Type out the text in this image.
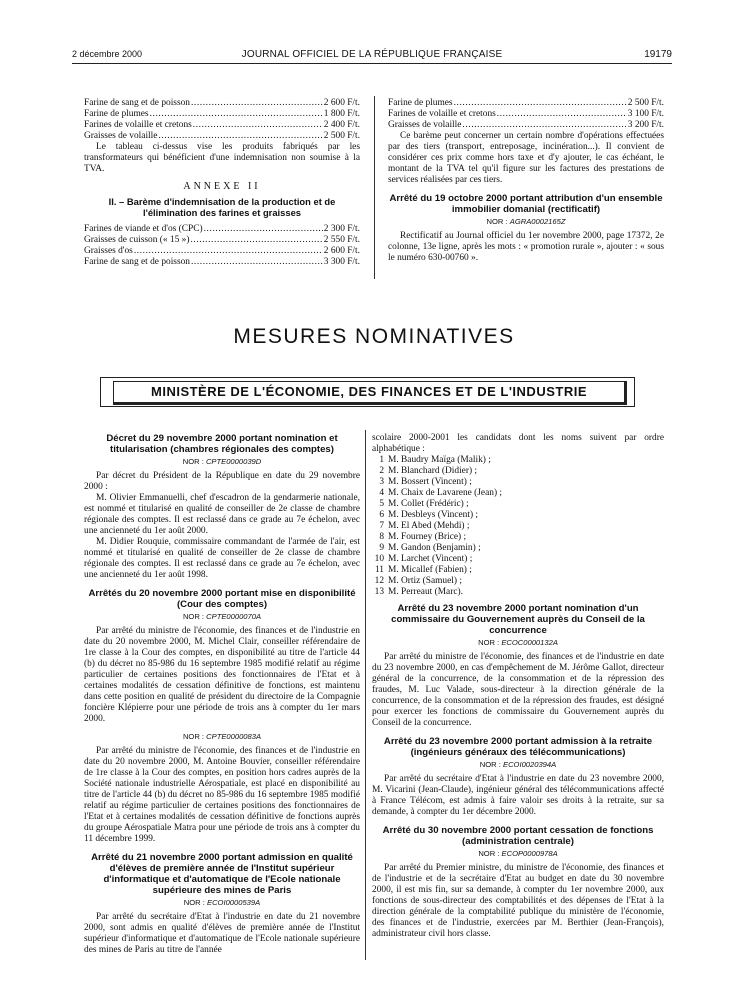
2 décembre 2000	JOURNAL OFFICIEL DE LA RÉPUBLIQUE FRANÇAISE	19179
Farine de sang et de poisson .....	2 600 F/t.
Farine de plumes .....	1 800 F/t.
Farines de volaille et cretons .....	2 400 F/t.
Graisses de volaille .....	2 500 F/t.

Le tableau ci-dessus vise les produits fabriqués par les transformateurs qui bénéficient d'une indemnisation non soumise à la TVA.

ANNEXE II
II. – Barème d'indemnisation de la production et de l'élimination des farines et graisses
Farines de viande et d'os (CPC) .....	2 300 F/t.
Graisses de cuisson (« 15 ») .....	2 550 F/t.
Graisses d'os .....	2 600 F/t.
Farine de sang et de poisson .....	3 300 F/t.
Farine de plumes .....	2 500 F/t.
Farines de volaille et cretons .....	3 100 F/t.
Graisses de volaille .....	3 200 F/t.

Ce barème peut concerner un certain nombre d'opérations effectuées par des tiers (transport, entreposage, incinération...). Il convient de considérer ces prix comme hors taxe et d'y ajouter, le cas échéant, le montant de la TVA tel qu'il figure sur les factures des prestations de services réalisées par ces tiers.

Arrêté du 19 octobre 2000 portant attribution d'un ensemble immobilier domanial (rectificatif)
NOR : AGRA0002165Z

Rectificatif au Journal officiel du 1er novembre 2000, page 17372, 2e colonne, 13e ligne, après les mots : « promotion rurale », ajouter : « sous le numéro 630-00760 ».

MESURES NOMINATIVES
MINISTÈRE DE L'ÉCONOMIE, DES FINANCES ET DE L'INDUSTRIE
Décret du 29 novembre 2000 portant nomination et titularisation (chambres régionales des comptes)
NOR : CPTE0000039D

Par décret du Président de la République en date du 29 novembre 2000 :

M. Olivier Emmanuelli, chef d'escadron de la gendarmerie nationale, est nommé et titularisé en qualité de conseiller de 2e classe de chambre régionale des comptes. Il est reclassé dans ce grade au 7e échelon, avec une ancienneté du 1er août 2000.

M. Didier Rouquie, commissaire commandant de l'armée de l'air, est nommé et titularisé en qualité de conseiller de 2e classe de chambre régionale des comptes. Il est reclassé dans ce grade au 7e échelon, avec une ancienneté du 1er août 1998.

Arrêtés du 20 novembre 2000 portant mise en disponibilité (Cour des comptes)
NOR : CPTE0000070A

Par arrêté du ministre de l'économie, des finances et de l'industrie en date du 20 novembre 2000, M. Michel Clair, conseiller référendaire de 1re classe à la Cour des comptes, en disponibilité au titre de l'article 44 (b) du décret no 85-986 du 16 septembre 1985 modifié relatif au régime particulier de certaines positions des fonctionnaires de l'Etat et à certaines modalités de cessation définitive de fonctions, est maintenu dans cette position en qualité de président du directoire de la Compagnie foncière Klépierre pour une période de trois ans à compter du 1er mars 2000.

NOR : CPTE0000083A

Par arrêté du ministre de l'économie, des finances et de l'industrie en date du 20 novembre 2000, M. Antoine Bouvier, conseiller référendaire de 1re classe à la Cour des comptes, en position hors cadres auprès de la Société nationale industrielle Aérospatiale, est placé en disponibilité au titre de l'article 44 (b) du décret no 85-986 du 16 septembre 1985 modifié relatif au régime particulier de certaines positions des fonctionnaires de l'Etat et à certaines modalités de cessation définitive de fonctions auprès du groupe Aérospatiale Matra pour une période de trois ans à compter du 11 décembre 1999.

Arrêté du 21 novembre 2000 portant admission en qualité d'élèves de première année de l'Institut supérieur d'informatique et d'automatique de l'Ecole nationale supérieure des mines de Paris
NOR : ECOI0000539A

Par arrêté du secrétaire d'Etat à l'industrie en date du 21 novembre 2000, sont admis en qualité d'élèves de première année de l'Institut supérieur d'informatique et d'automatique de l'Ecole nationale supérieure des mines de Paris au titre de l'année

scolaire 2000-2001 les candidats dont les noms suivent par ordre alphabétique :

1 M. Baudry Maïga (Malik) ;
2 M. Blanchard (Didier) ;
3 M. Bossert (Vincent) ;
4 M. Chaix de Lavarene (Jean) ;
5 M. Collet (Frédéric) ;
6 M. Desbleys (Vincent) ;
7 M. El Abed (Mehdi) ;
8 M. Fourney (Brice) ;
9 M. Gandon (Benjamin) ;
10 M. Larchet (Vincent) ;
11 M. Micallef (Fabien) ;
12 M. Ortiz (Samuel) ;
13 M. Perreaut (Marc).
Arrêté du 23 novembre 2000 portant nomination d'un commissaire du Gouvernement auprès du Conseil de la concurrence
NOR : ECOC0000132A

Par arrêté du ministre de l'économie, des finances et de l'industrie en date du 23 novembre 2000, en cas d'empêchement de M. Jérôme Gallot, directeur général de la concurrence, de la consommation et de la répression des fraudes, M. Luc Valade, sous-directeur à la direction générale de la concurrence, de la consommation et de la répression des fraudes, est désigné pour exercer les fonctions de commissaire du Gouvernement auprès du Conseil de la concurrence.

Arrêté du 23 novembre 2000 portant admission à la retraite (ingénieurs généraux des télécommunications)
NOR : ECOI0020394A

Par arrêté du secrétaire d'Etat à l'industrie en date du 23 novembre 2000, M. Vicarini (Jean-Claude), ingénieur général des télécommunications affecté à France Télécom, est admis à faire valoir ses droits à la retraite, sur sa demande, à compter du 1er décembre 2000.

Arrêté du 30 novembre 2000 portant cessation de fonctions (administration centrale)
NOR : ECOP0000978A

Par arrêté du Premier ministre, du ministre de l'économie, des finances et de l'industrie et de la secrétaire d'Etat au budget en date du 30 novembre 2000, il est mis fin, sur sa demande, à compter du 1er novembre 2000, aux fonctions de sous-directeur des comptabilités et des dépenses de l'Etat à la direction générale de la comptabilité publique du ministère de l'économie, des finances et de l'industrie, exercées par M. Berthier (Jean-François), administrateur civil hors classe.
